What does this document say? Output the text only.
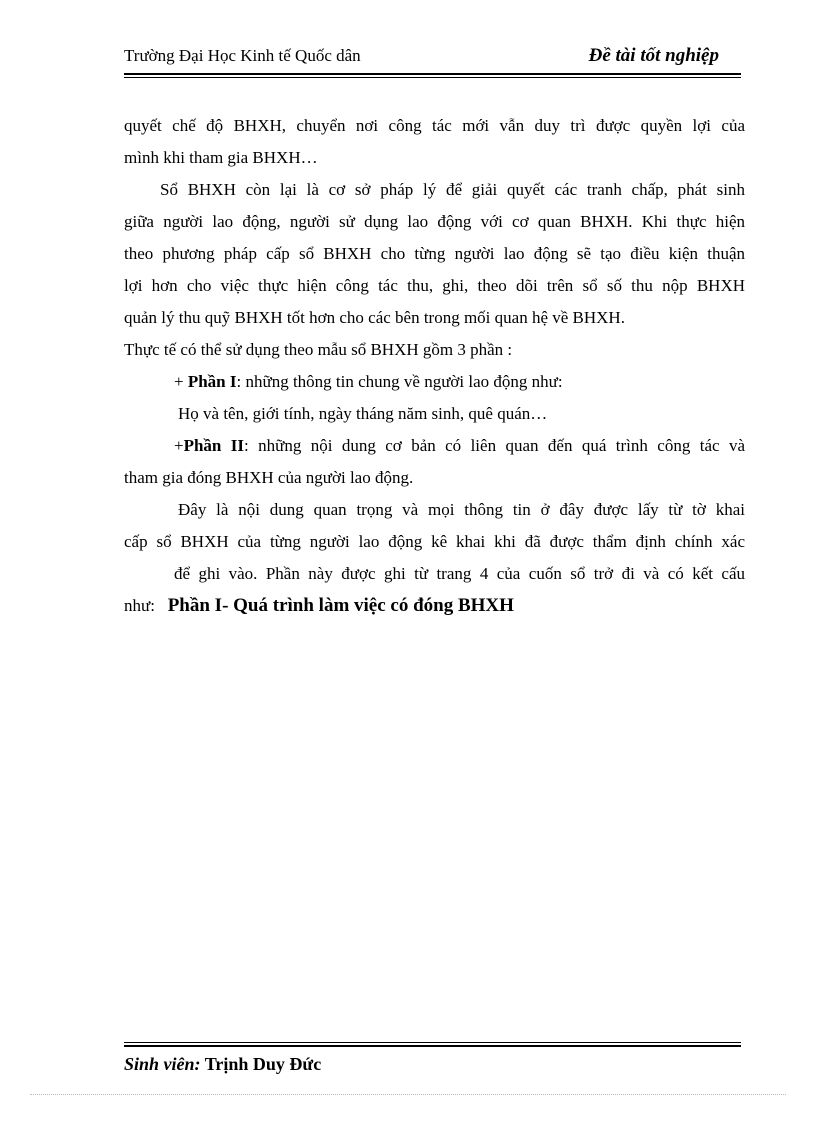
Trường Đại Học Kinh tế Quốc dân	Đề tài tốt nghiệp
quyết chế độ BHXH, chuyển nơi công tác mới vẫn duy trì được quyền lợi của
mình khi tham gia BHXH…
Sổ BHXH còn lại là cơ sở pháp lý để giải quyết các tranh chấp, phát sinh
giữa người lao động, người sử dụng lao động với cơ quan BHXH. Khi thực hiện
theo phương pháp cấp sổ BHXH cho từng người lao động sẽ tạo điều kiện thuận
lợi hơn cho việc thực hiện công tác thu, ghi, theo dõi trên sổ số thu nộp BHXH
quản lý thu quỹ BHXH tốt hơn cho các bên trong mối quan hệ về BHXH.
Thực tế có thể sử dụng theo mẫu sổ BHXH gồm 3 phần :
+ Phần I: những thông tin chung về người lao động như:
Họ và tên, giới tính, ngày tháng năm sinh, quê quán…
+Phần II: những nội dung cơ bản có liên quan đến quá trình công tác và
tham gia đóng BHXH của người lao động.
Đây là nội dung quan trọng và mọi thông tin ở đây được lấy từ tờ khai
cấp sổ BHXH của từng người lao động kê khai khi đã được thẩm định chính xác
để ghi vào. Phần này được ghi từ trang 4 của cuốn sổ trở đi và có kết cấu
như:   Phần I- Quá trình làm việc có đóng BHXH
Sinh viên: Trịnh Duy Đức
